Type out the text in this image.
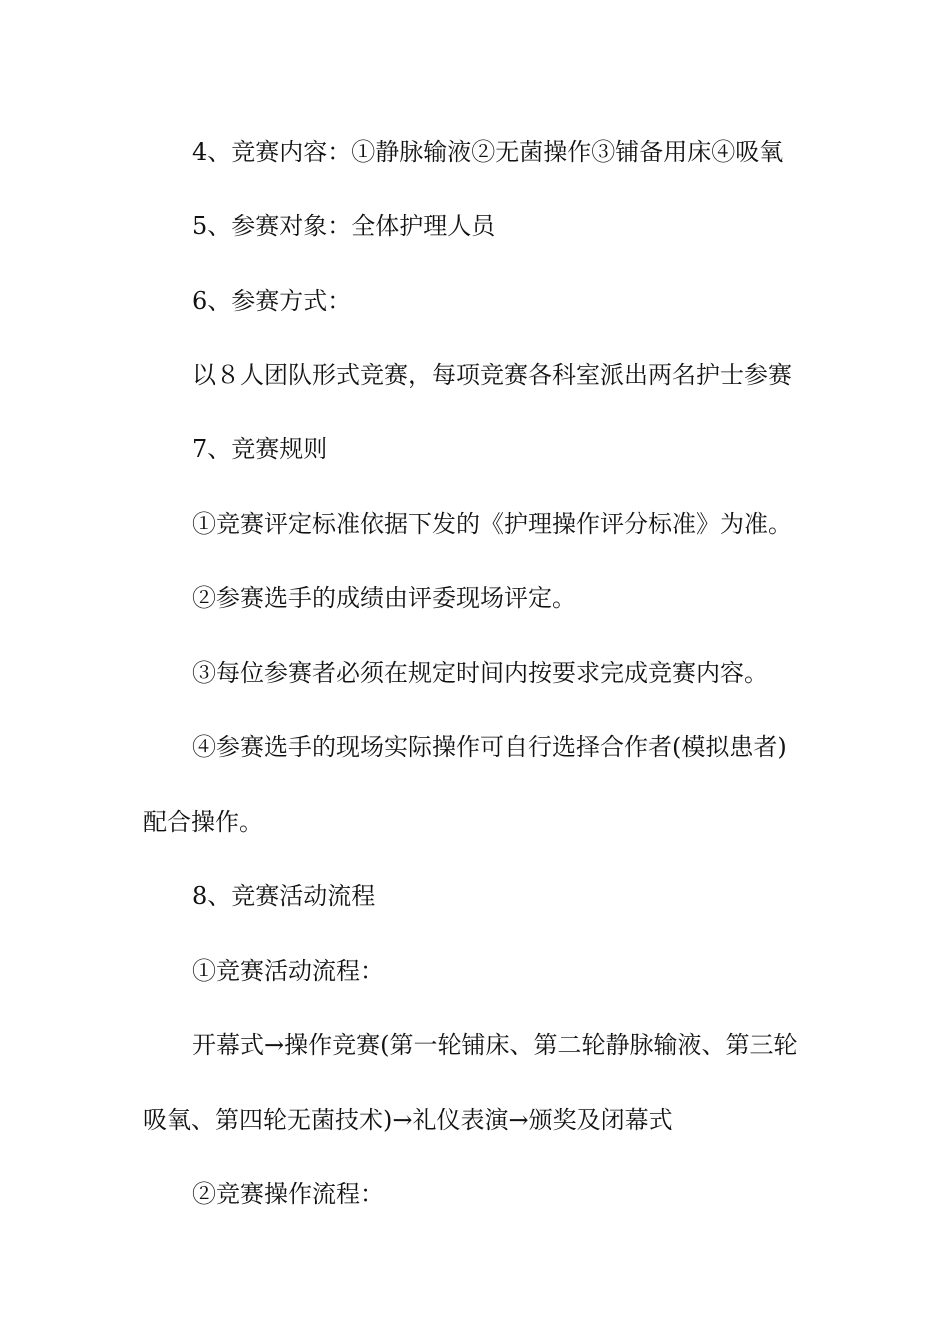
4、竞赛内容：①静脉输液②无菌操作③铺备用床④吸氧
5、参赛对象：全体护理人员
6、参赛方式：
以８人团队形式竞赛，每项竞赛各科室派出两名护士参赛
7、竞赛规则
①竞赛评定标准依据下发的《护理操作评分标准》为准。
②参赛选手的成绩由评委现场评定。
③每位参赛者必须在规定时间内按要求完成竞赛内容。
④参赛选手的现场实际操作可自行选择合作者(模拟患者)
配合操作。
8、竞赛活动流程
①竞赛活动流程：
开幕式→操作竞赛(第一轮铺床、第二轮静脉输液、第三轮
吸氧、第四轮无菌技术)→礼仪表演→颁奖及闭幕式
②竞赛操作流程：
